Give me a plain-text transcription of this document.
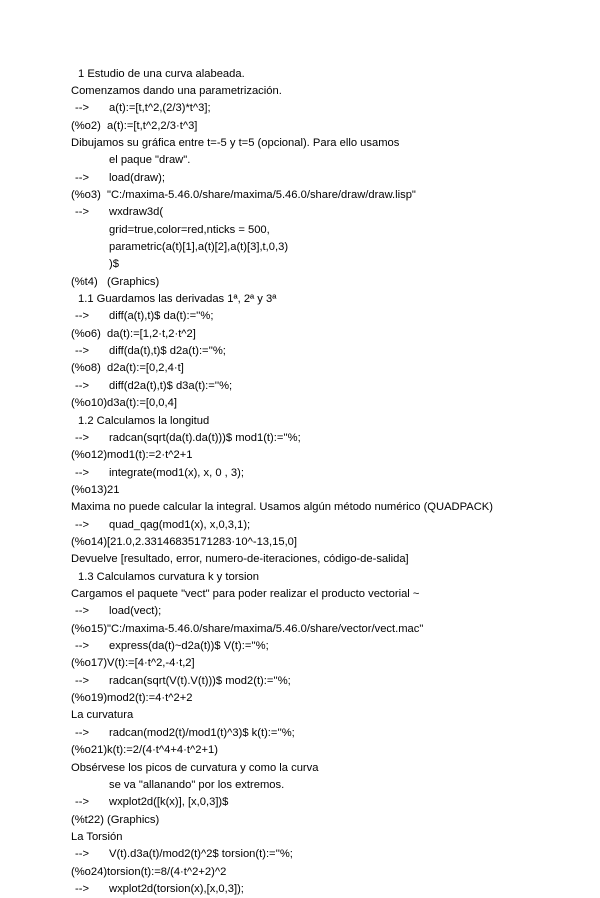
1 Estudio de una curva alabeada.
Comenzamos dando una parametrización.
--> a(t):=[t,t^2,(2/3)*t^3];
(%o2) a(t):=[t,t^2,2/3·t^3]
Dibujamos su gráfica entre t=-5 y t=5 (opcional). Para ello usamos
el paque "draw".
--> load(draw);
(%o3) "C:/maxima-5.46.0/share/maxima/5.46.0/share/draw/draw.lisp"
--> wxdraw3d(
grid=true,color=red,nticks = 500,
parametric(a(t)[1],a(t)[2],a(t)[3],t,0,3)
)$
(%t4) (Graphics)
1.1 Guardamos las derivadas 1ª, 2ª y 3ª
--> diff(a(t),t)$ da(t):=''%;
(%o6) da(t):=[1,2·t,2·t^2]
--> diff(da(t),t)$ d2a(t):=''%;
(%o8) d2a(t):=[0,2,4·t]
--> diff(d2a(t),t)$ d3a(t):=''%;
(%o10) d3a(t):=[0,0,4]
1.2 Calculamos la longitud
--> radcan(sqrt(da(t).da(t)))$ mod1(t):=''%;
(%o12) mod1(t):=2·t^2+1
--> integrate(mod1(x), x, 0 , 3);
(%o13) 21
Maxima no puede calcular la integral. Usamos algún método numérico (QUADPACK)
--> quad_qag(mod1(x), x,0,3,1);
(%o14) [21.0,2.33146835171283·10^-13,15,0]
Devuelve [resultado, error, numero-de-iteraciones, código-de-salida]
1.3 Calculamos curvatura k y torsion
Cargamos el paquete "vect" para poder realizar el producto vectorial ~
--> load(vect);
(%o15) "C:/maxima-5.46.0/share/maxima/5.46.0/share/vector/vect.mac"
--> express(da(t)~d2a(t))$ V(t):=''%;
(%o17) V(t):=[4·t^2,-4·t,2]
--> radcan(sqrt(V(t).V(t)))$ mod2(t):=''%;
(%o19) mod2(t):=4·t^2+2
La curvatura
--> radcan(mod2(t)/mod1(t)^3)$ k(t):=''%;
(%o21) k(t):=2/(4·t^4+4·t^2+1)
Obsérvese los picos de curvatura y como la curva
se va "allanando" por los extremos.
--> wxplot2d([k(x)], [x,0,3])$
(%t22) (Graphics)
La Torsión
--> V(t).d3a(t)/mod2(t)^2$ torsion(t):=''%;
(%o24) torsion(t):=8/(4·t^2+2)^2
--> wxplot2d(torsion(x),[x,0,3]);
